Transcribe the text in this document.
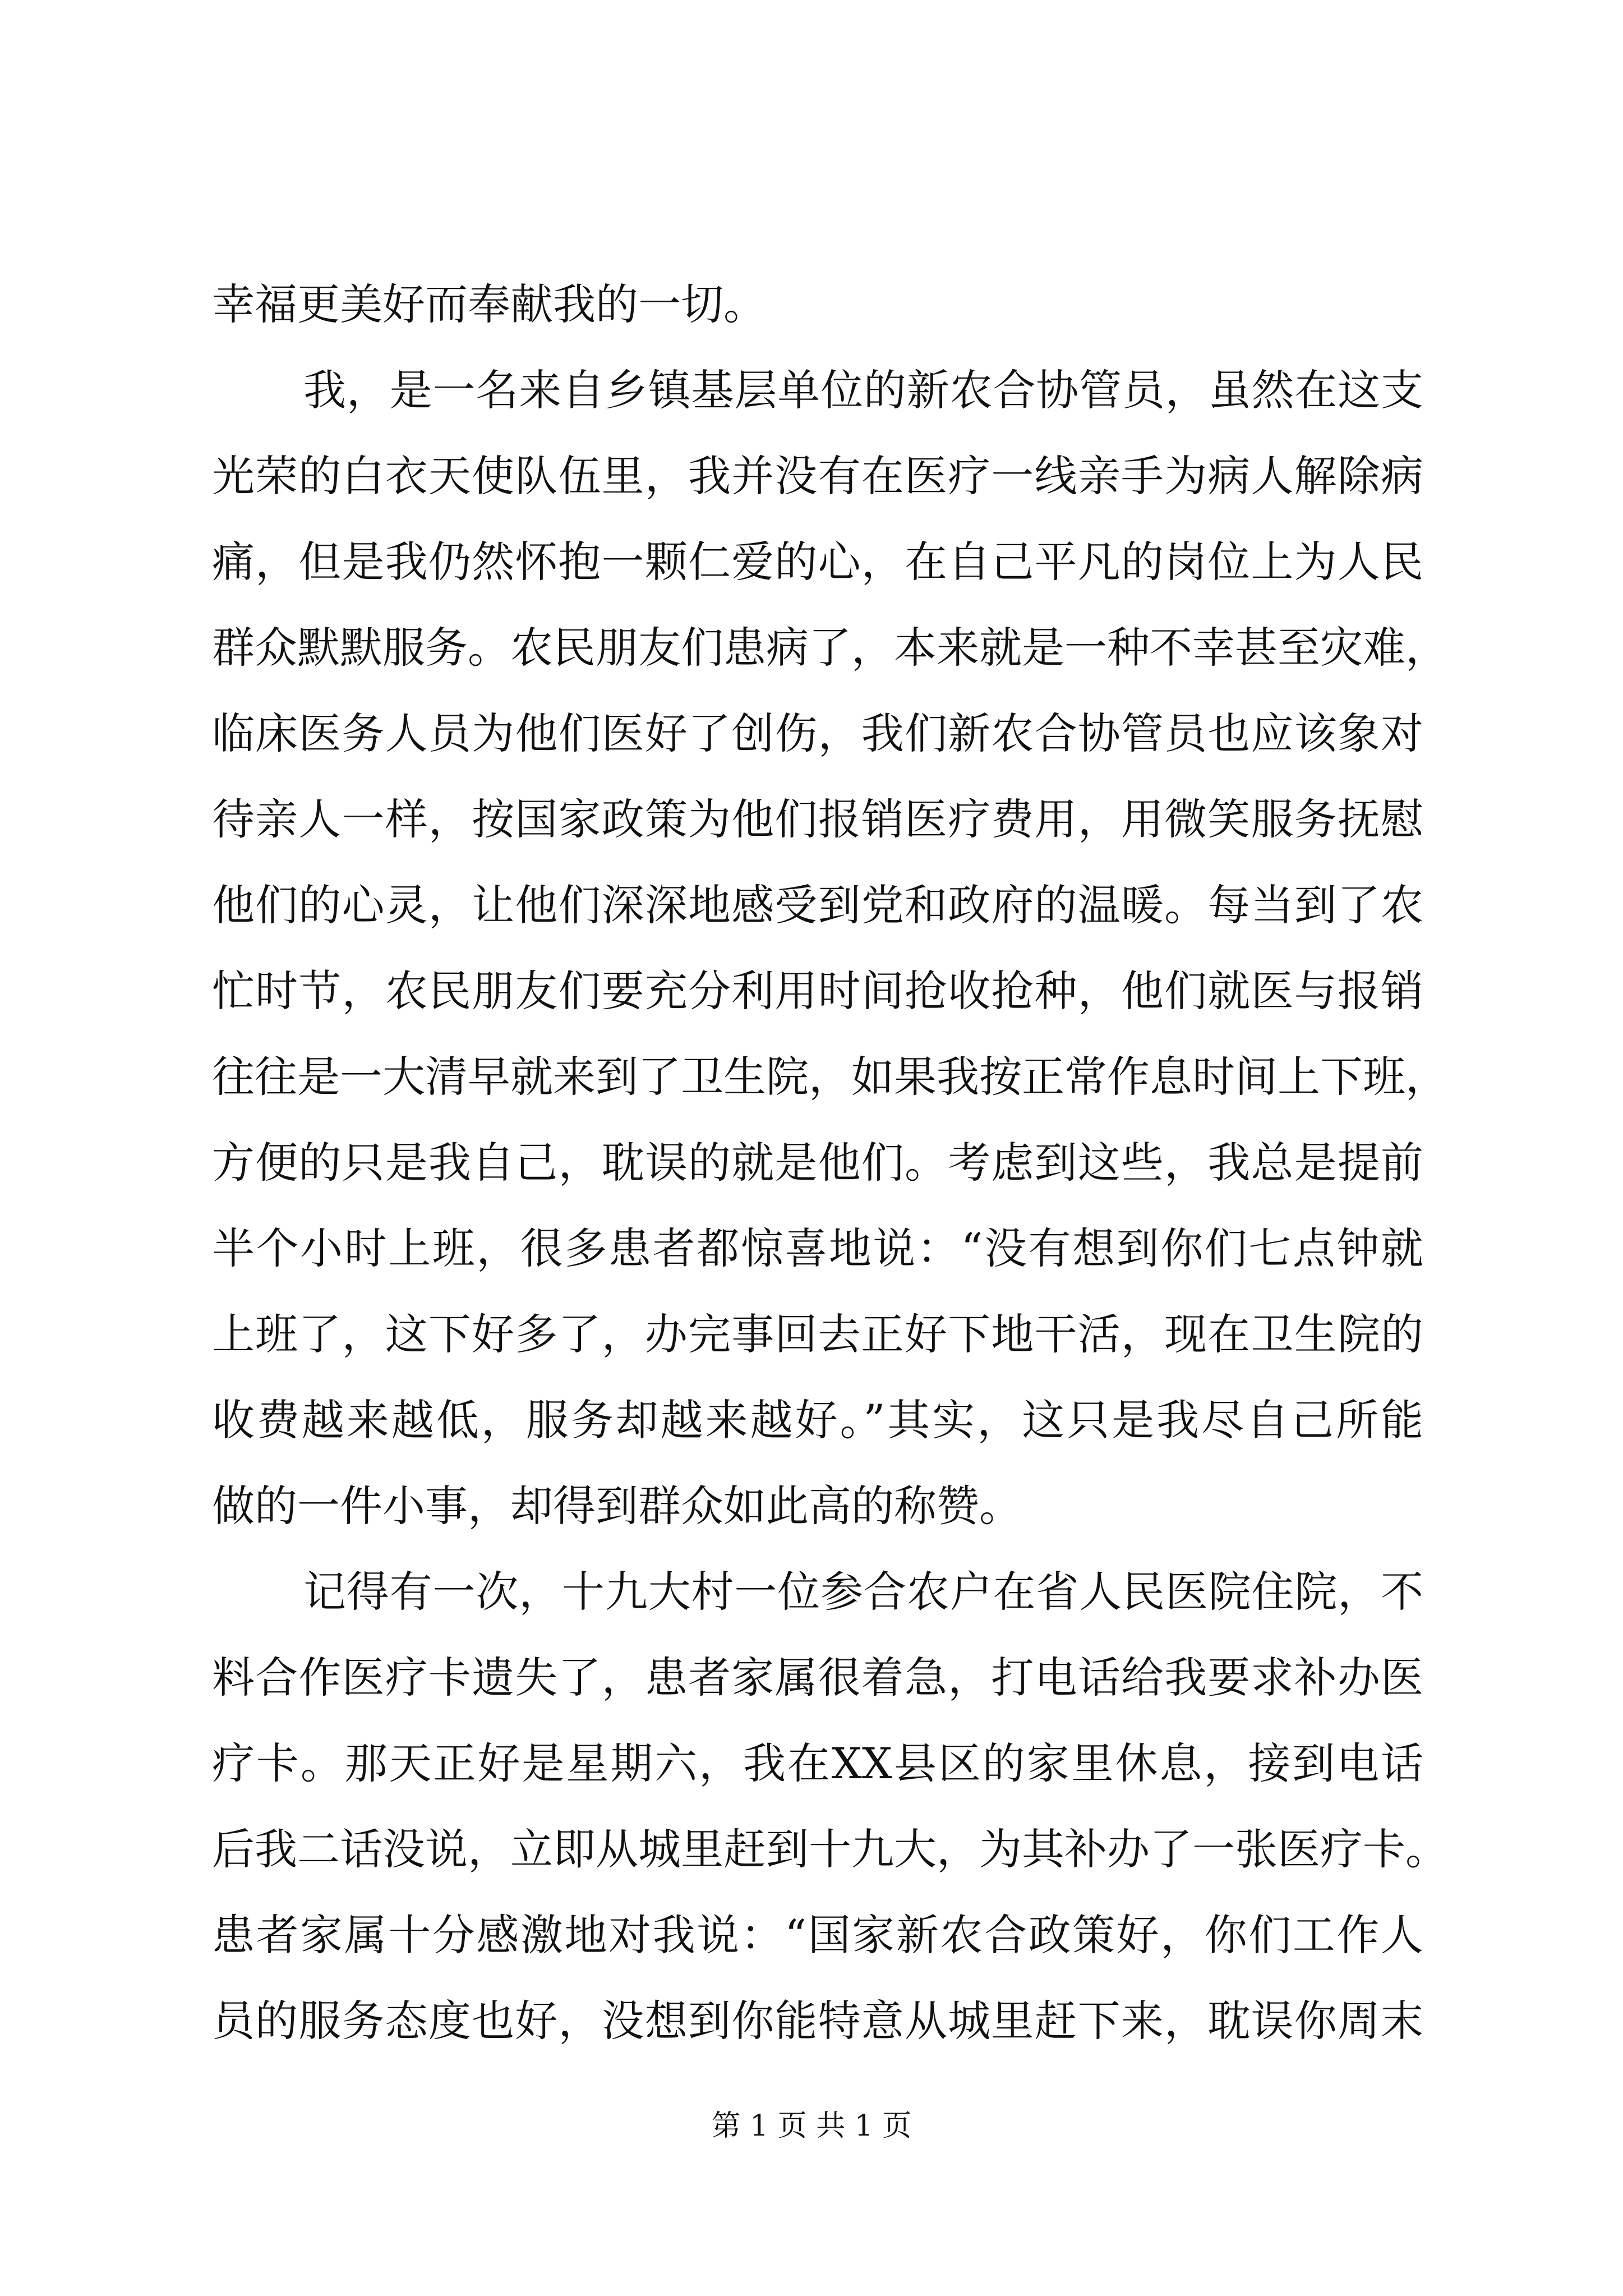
幸福更美好而奉献我的一切。
我，是一名来自乡镇基层单位的新农合协管员，虽然在这支
光荣的白衣天使队伍里，我并没有在医疗一线亲手为病人解除病
痛，但是我仍然怀抱一颗仁爱的心，在自己平凡的岗位上为人民
群众默默服务。农民朋友们患病了，本来就是一种不幸甚至灾难，
临床医务人员为他们医好了创伤，我们新农合协管员也应该象对
待亲人一样，按国家政策为他们报销医疗费用，用微笑服务抚慰
他们的心灵，让他们深深地感受到党和政府的温暖。每当到了农
忙时节，农民朋友们要充分利用时间抢收抢种，他们就医与报销
往往是一大清早就来到了卫生院，如果我按正常作息时间上下班，
方便的只是我自己，耽误的就是他们。考虑到这些，我总是提前
半个小时上班，很多患者都惊喜地说：“没有想到你们七点钟就
上班了，这下好多了，办完事回去正好下地干活，现在卫生院的
收费越来越低，服务却越来越好。”其实，这只是我尽自己所能
做的一件小事，却得到群众如此高的称赞。
记得有一次，十九大村一位参合农户在省人民医院住院，不
料合作医疗卡遗失了，患者家属很着急，打电话给我要求补办医
疗卡。那天正好是星期六，我在XX县区的家里休息，接到电话
后我二话没说，立即从城里赶到十九大，为其补办了一张医疗卡。
患者家属十分感激地对我说：“国家新农合政策好，你们工作人
员的服务态度也好，没想到你能特意从城里赶下来，耽误你周末
第 1 页 共 1 页
